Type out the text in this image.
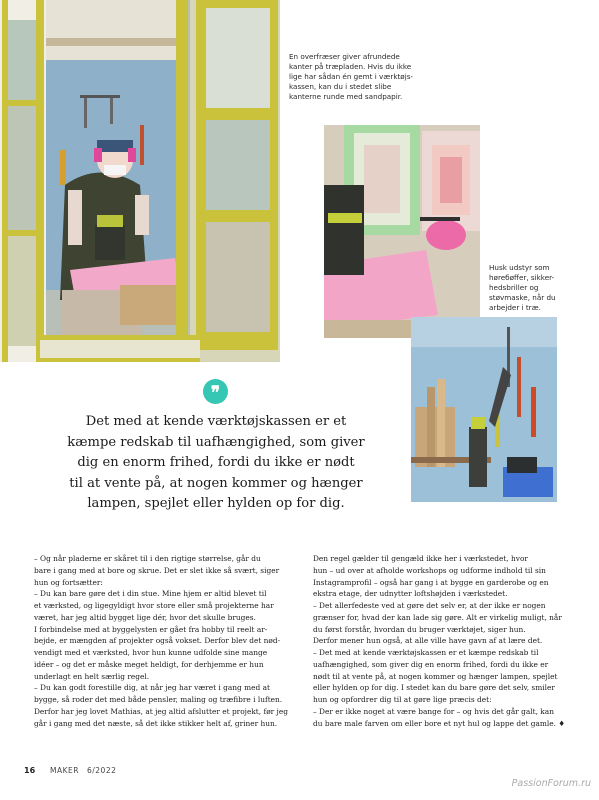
En overfræser giver afrundede
kanter på træpladen. Hvis du ikke
lige har sådan én gemt i værktøjs-
kassen, kan du i stedet slibe
kanterne runde med sandpapir.
Husk udstyr som
høreбøffer, sikker-
hedsbriller og
støvmaske, når du
arbejder i træ.
❞
Det med at kende værktøjskassen er et
kæmpe redskab til uafhængighed, som giver
dig en enorm frihed, fordi du ikke er nødt
til at vente på, at nogen kommer og hænger
lampen, spejlet eller hylden op for dig.
– Og når pladerne er skåret til i den rigtige størrelse, går du
bare i gang med at bore og skrue. Det er slet ikke så svært, siger
hun og fortsætter:
– Du kan bare gøre det i din stue. Mine hjem er altid blevet til
et værksted, og ligegyldigt hvor store eller små projekterne har
været, har jeg altid bygget lige dér, hvor det skulle bruges.
I forbindelse med at byggelysten er gået fra hobby til reelt ar-
bejde, er mængden af projekter også vokset. Derfor blev det nød-
vendigt med et værksted, hvor hun kunne udfolde sine mange
idéer – og det er måske meget heldigt, for derhjemme er hun
underlagt en helt særlig regel.
– Du kan godt forestille dig, at når jeg har været i gang med at
bygge, så roder det med både pensler, maling og træfibre i luften.
Derfor har jeg lovet Mathias, at jeg altid afslutter et projekt, før jeg
går i gang med det næste, så det ikke stikker helt af, griner hun.
Den regel gælder til gengæld ikke her i værkstedet, hvor
hun – ud over at afholde workshops og udforme indhold til sin
Instagramprofil – også har gang i at bygge en garderobe og en
ekstra etage, der udnytter loftshøjden i værkstedet.
– Det allerfedeste ved at gøre det selv er, at der ikke er nogen
grænser for, hvad der kan lade sig gøre. Alt er virkelig muligt, når
du først forstår, hvordan du bruger værktøjet, siger hun.
Derfor mener hun også, at alle ville have gavn af at lære det.
– Det med at kende værktøjskassen er et kæmpe redskab til
uafhængighed, som giver dig en enorm frihed, fordi du ikke er
nødt til at vente på, at nogen kommer og hænger lampen, spejlet
eller hylden op for dig. I stedet kan du bare gøre det selv, smiler
hun og opfordrer dig til at gøre lige præcis det:
– Der er ikke noget at være bange for – og hvis det går galt, kan
du bare male farven om eller bore et nyt hul og lappe det gamle. ♦
16 MAKER 6/2022
PassionForum.ru
